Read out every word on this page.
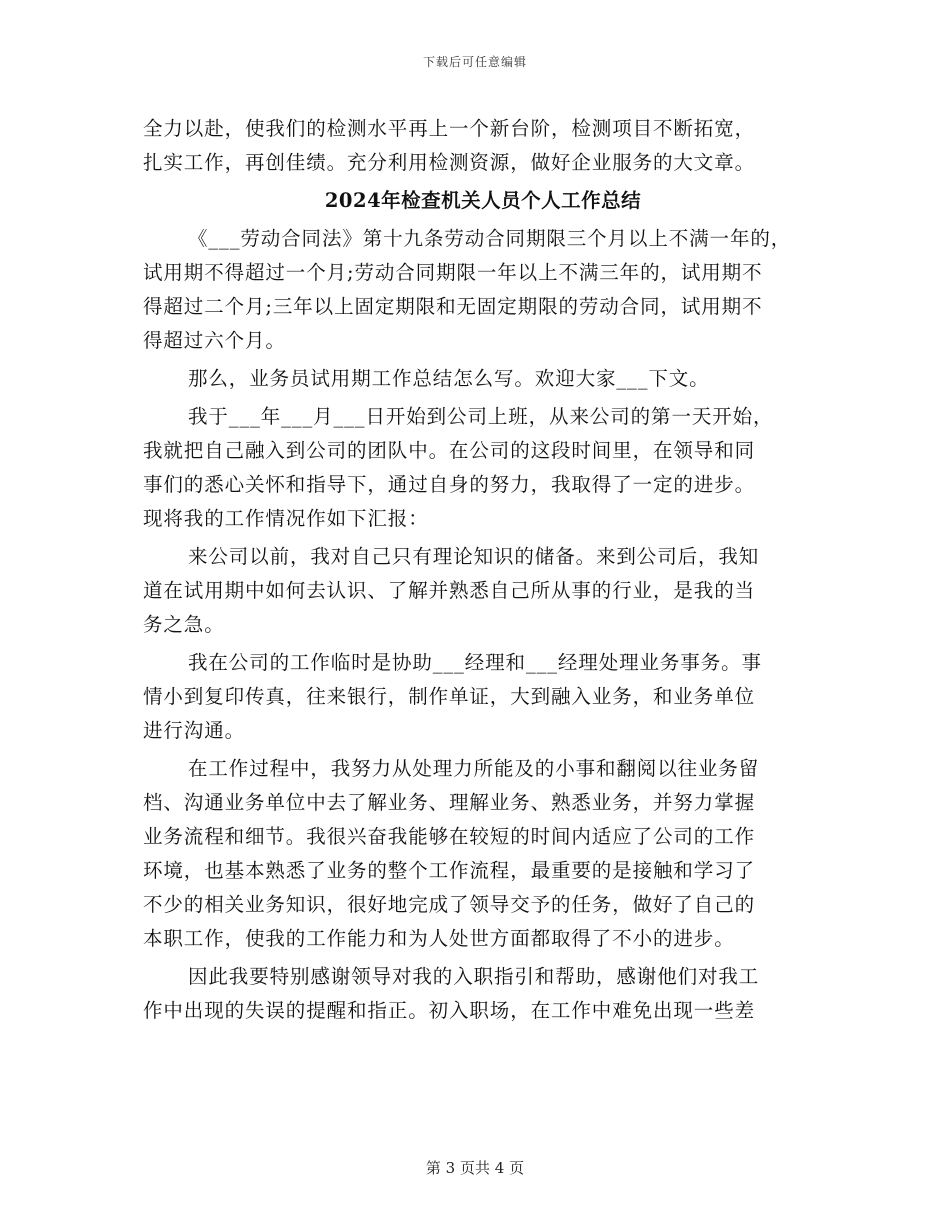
下载后可任意编辑
全力以赴，使我们的检测水平再上一个新台阶，检测项目不断拓宽，
扎实工作，再创佳绩。充分利用检测资源，做好企业服务的大文章。
2024年检查机关人员个人工作总结
《___劳动合同法》第十九条劳动合同期限三个月以上不满一年的，
试用期不得超过一个月;劳动合同期限一年以上不满三年的，试用期不
得超过二个月;三年以上固定期限和无固定期限的劳动合同，试用期不
得超过六个月。
那么，业务员试用期工作总结怎么写。欢迎大家___下文。
我于___年___月___日开始到公司上班，从来公司的第一天开始，
我就把自己融入到公司的团队中。在公司的这段时间里，在领导和同
事们的悉心关怀和指导下，通过自身的努力，我取得了一定的进步。
现将我的工作情况作如下汇报：
来公司以前，我对自己只有理论知识的储备。来到公司后，我知
道在试用期中如何去认识、了解并熟悉自己所从事的行业，是我的当
务之急。
我在公司的工作临时是协助___经理和___经理处理业务事务。事
情小到复印传真，往来银行，制作单证，大到融入业务，和业务单位
进行沟通。
在工作过程中，我努力从处理力所能及的小事和翻阅以往业务留
档、沟通业务单位中去了解业务、理解业务、熟悉业务，并努力掌握
业务流程和细节。我很兴奋我能够在较短的时间内适应了公司的工作
环境，也基本熟悉了业务的整个工作流程，最重要的是接触和学习了
不少的相关业务知识，很好地完成了领导交予的任务，做好了自己的
本职工作，使我的工作能力和为人处世方面都取得了不小的进步。
因此我要特别感谢领导对我的入职指引和帮助，感谢他们对我工
作中出现的失误的提醒和指正。初入职场，在工作中难免出现一些差
第 3 页共 4 页
